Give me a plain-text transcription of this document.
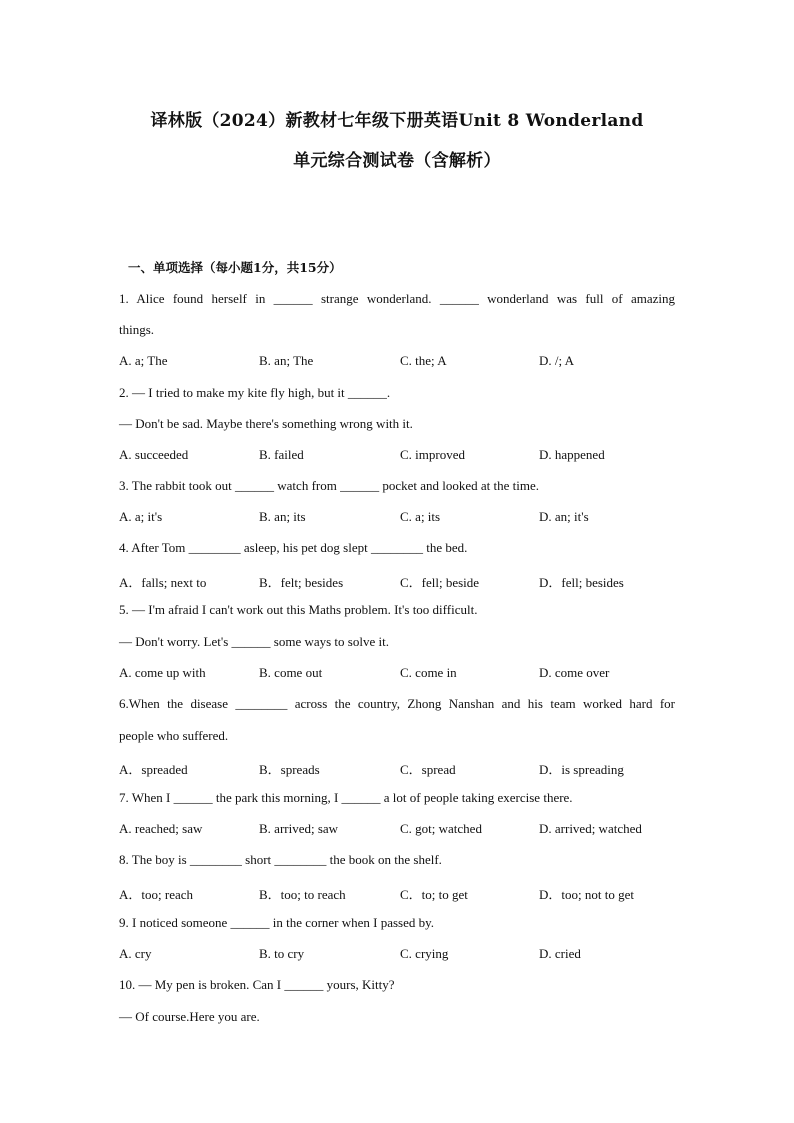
译林版（2024）新教材七年级下册英语Unit 8 Wonderland
单元综合测试卷（含解析）
一、单项选择（每小题1分，共15分）
1. Alice found herself in ______ strange wonderland. ______ wonderland was full of amazing
things.
A. a; The	B. an; The	C. the; A	D. /; A
2. — I tried to make my kite fly high, but it ______.
— Don't be sad. Maybe there's something wrong with it.
A. succeeded	B. failed	C. improved	D. happened
3. The rabbit took out ______ watch from ______ pocket and looked at the time.
A. a; it's	B. an; its	C. a; its	D. an; it's
4. After Tom ________ asleep, his pet dog slept ________ the bed.
A．falls; next to	B．felt; besides	C．fell; beside	D．fell; besides
5. — I'm afraid I can't work out this Maths problem. It's too difficult.
— Don't worry. Let's ______ some ways to solve it.
A. come up with	B. come out	C. come in	D. come over
6.When the disease ________ across the country, Zhong Nanshan and his team worked hard for
people who suffered.
A．spreaded	B．spreads	C．spread	D．is spreading
7. When I ______ the park this morning, I ______ a lot of people taking exercise there.
A. reached; saw	B. arrived; saw	C. got; watched	D. arrived; watched
8. The boy is ________ short ________ the book on the shelf.
A．too; reach	B．too; to reach	C．to; to get	D．too; not to get
9. I noticed someone ______ in the corner when I passed by.
A. cry	B. to cry	C. crying	D. cried
10. — My pen is broken. Can I ______ yours, Kitty?
— Of course.Here you are.
